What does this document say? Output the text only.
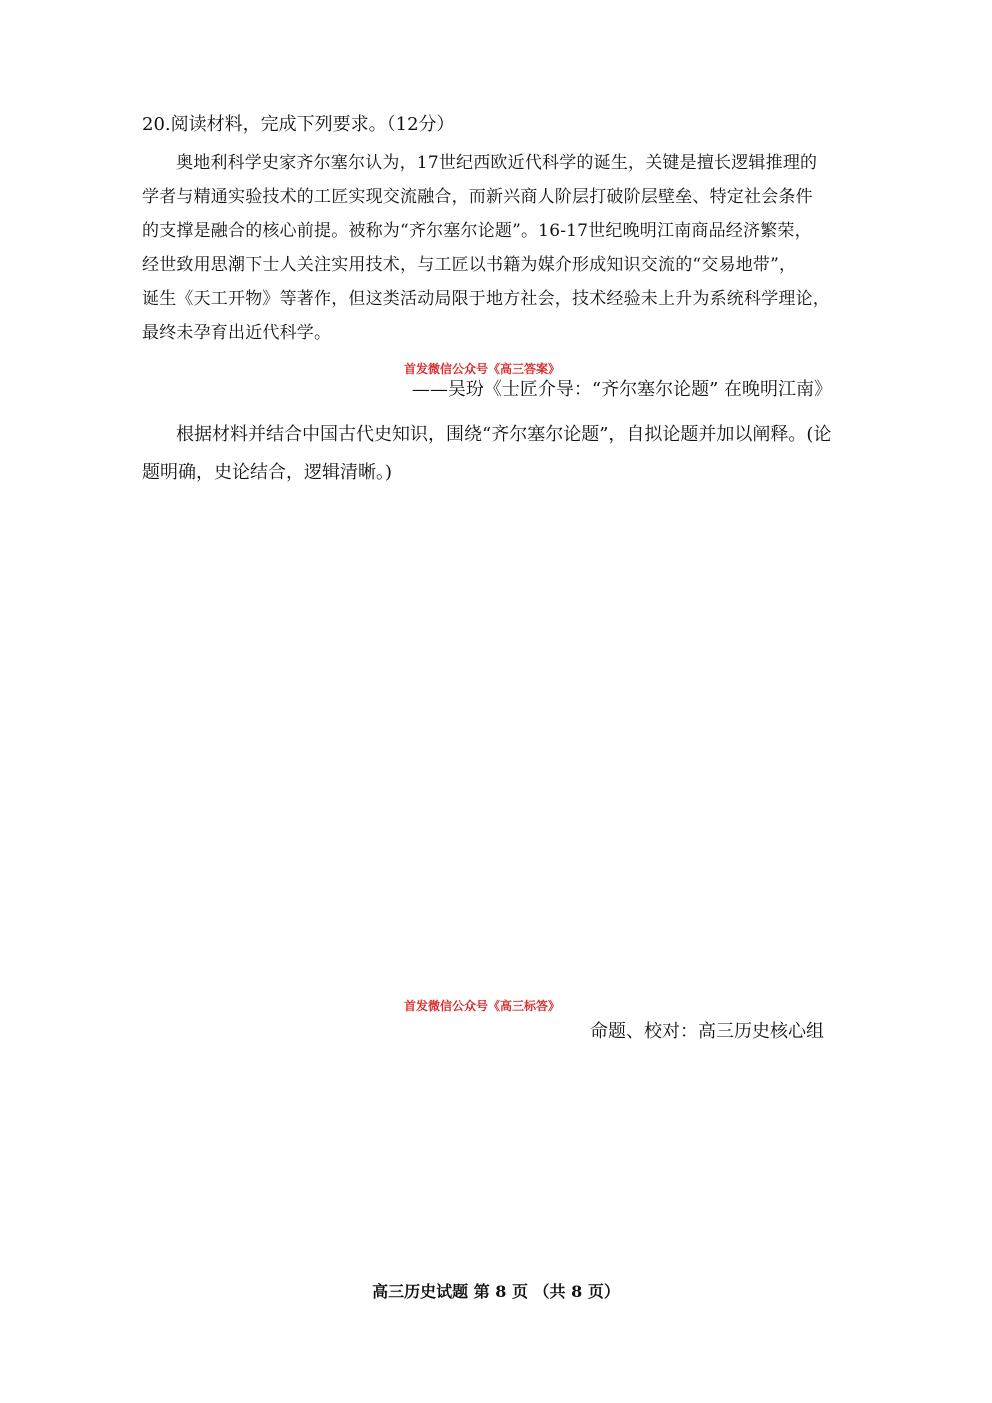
20.阅读材料，完成下列要求。（12分）
奥地利科学史家齐尔塞尔认为，17世纪西欧近代科学的诞生，关键是擅长逻辑推理的
学者与精通实验技术的工匠实现交流融合，而新兴商人阶层打破阶层壁垒、特定社会条件
的支撑是融合的核心前提。被称为“齐尔塞尔论题”。16-17世纪晚明江南商品经济繁荣，
经世致用思潮下士人关注实用技术，与工匠以书籍为媒介形成知识交流的“交易地带”，
诞生《天工开物》等著作，但这类活动局限于地方社会，技术经验未上升为系统科学理论，
最终未孕育出近代科学。
首发微信公众号《高三答案》
——吴玢《士匠介导：“齐尔塞尔论题” 在晚明江南》
根据材料并结合中国古代史知识，围绕“齐尔塞尔论题”，自拟论题并加以阐释。(论
题明确，史论结合，逻辑清晰。)
首发微信公众号《高三标答》
命题、校对：高三历史核心组
高三历史试题 第 8 页 （共 8 页）
